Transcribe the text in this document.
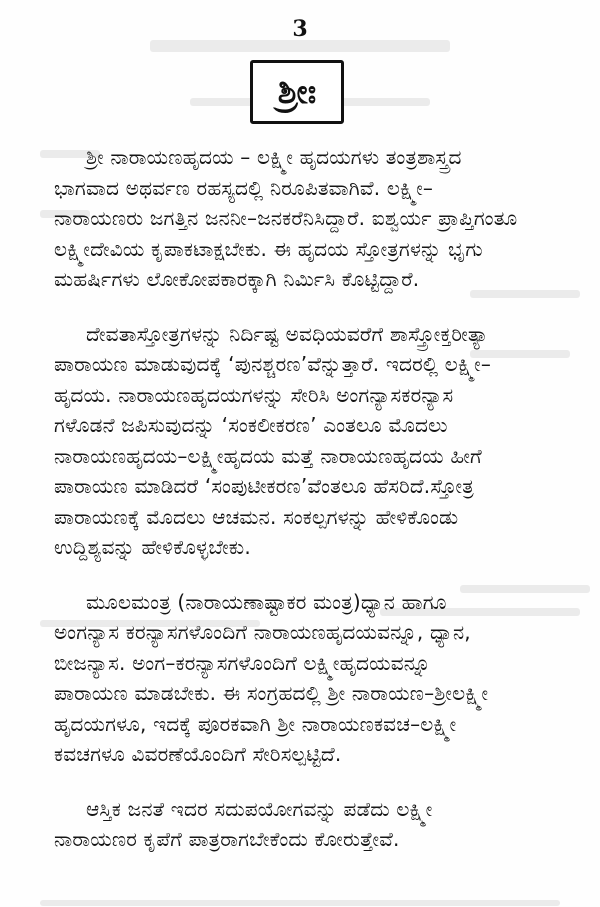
3
ಶ್ರೀಃ
ಶ್ರೀ ನಾರಾಯಣಹೃದಯ – ಲಕ್ಷ್ಮೀ ಹೃದಯಗಳು ತಂತ್ರಶಾಸ್ತ್ರದ
ಭಾಗವಾದ ಅಥರ್ವಣ ರಹಸ್ಯದಲ್ಲಿ ನಿರೂಪಿತವಾಗಿವೆ. ಲಕ್ಷ್ಮೀ–
ನಾರಾಯಣರು ಜಗತ್ತಿನ ಜನನೀ–ಜನಕರೆನಿಸಿದ್ದಾರೆ. ಐಶ್ವರ್ಯ ಪ್ರಾಪ್ತಿಗಂತೂ
ಲಕ್ಷ್ಮೀದೇವಿಯ ಕೃಪಾಕಟಾಕ್ಷಬೇಕು. ಈ ಹೃದಯ ಸ್ತೋತ್ರಗಳನ್ನು ಭೃಗು
ಮಹರ್ಷಿಗಳು ಲೋಕೋಪಕಾರಕ್ಕಾಗಿ ನಿರ್ಮಿಸಿ ಕೊಟ್ಟಿದ್ದಾರೆ.
ದೇವತಾಸ್ತೋತ್ರಗಳನ್ನು ನಿರ್ದಿಷ್ಟ ಅವಧಿಯವರೆಗೆ ಶಾಸ್ತ್ರೋಕ್ತರೀತ್ಯಾ
ಪಾರಾಯಣ ಮಾಡುವುದಕ್ಕೆ ‘ಪುನಶ್ಚರಣ’ವೆನ್ನುತ್ತಾರೆ. ಇದರಲ್ಲಿ ಲಕ್ಷ್ಮೀ–
ಹೃದಯ. ನಾರಾಯಣಹೃದಯಗಳನ್ನು ಸೇರಿಸಿ ಅಂಗನ್ಯಾಸಕರನ್ಯಾಸ
ಗಳೊಡನೆ ಜಪಿಸುವುದನ್ನು ‘ಸಂಕಲೀಕರಣ’ ಎಂತಲೂ ಮೊದಲು
ನಾರಾಯಣಹೃದಯ–ಲಕ್ಷ್ಮೀಹೃದಯ ಮತ್ತೆ ನಾರಾಯಣಹೃದಯ ಹೀಗೆ
ಪಾರಾಯಣ ಮಾಡಿದರೆ ‘ಸಂಪುಟೀಕರಣ’ವೆಂತಲೂ ಹೆಸರಿದೆ.ಸ್ತೋತ್ರ
ಪಾರಾಯಣಕ್ಕೆ ಮೊದಲು ಆಚಮನ. ಸಂಕಲ್ಪಗಳನ್ನು ಹೇಳಿಕೊಂಡು
ಉದ್ದಿಶ್ಯವನ್ನು ಹೇಳಿಕೊಳ್ಳಬೇಕು.
ಮೂಲಮಂತ್ರ (ನಾರಾಯಣಾಷ್ಟಾಕರ ಮಂತ್ರ)ಧ್ಯಾನ ಹಾಗೂ
ಅಂಗನ್ಯಾಸ ಕರನ್ಯಾಸಗಳೊಂದಿಗೆ ನಾರಾಯಣಹೃದಯವನ್ನೂ, ಧ್ಯಾನ,
ಬೀಜನ್ಯಾಸ. ಅಂಗ–ಕರನ್ಯಾಸಗಳೊಂದಿಗೆ ಲಕ್ಷ್ಮೀಹೃದಯವನ್ನೂ
ಪಾರಾಯಣ ಮಾಡಬೇಕು. ಈ ಸಂಗ್ರಹದಲ್ಲಿ ಶ್ರೀ ನಾರಾಯಣ–ಶ್ರೀಲಕ್ಷ್ಮೀ
ಹೃದಯಗಳೂ, ಇದಕ್ಕೆ ಪೂರಕವಾಗಿ ಶ್ರೀ ನಾರಾಯಣಕವಚ–ಲಕ್ಷ್ಮೀ
ಕವಚಗಳೂ ವಿವರಣೆಯೊಂದಿಗೆ ಸೇರಿಸಲ್ಪಟ್ಟಿದೆ.
ಆಸ್ತಿಕ ಜನತೆ ಇದರ ಸದುಪಯೋಗವನ್ನು ಪಡೆದು ಲಕ್ಷ್ಮೀ
ನಾರಾಯಣರ ಕೃಪೆಗೆ ಪಾತ್ರರಾಗಬೇಕೆಂದು ಕೋರುತ್ತೇವೆ.
